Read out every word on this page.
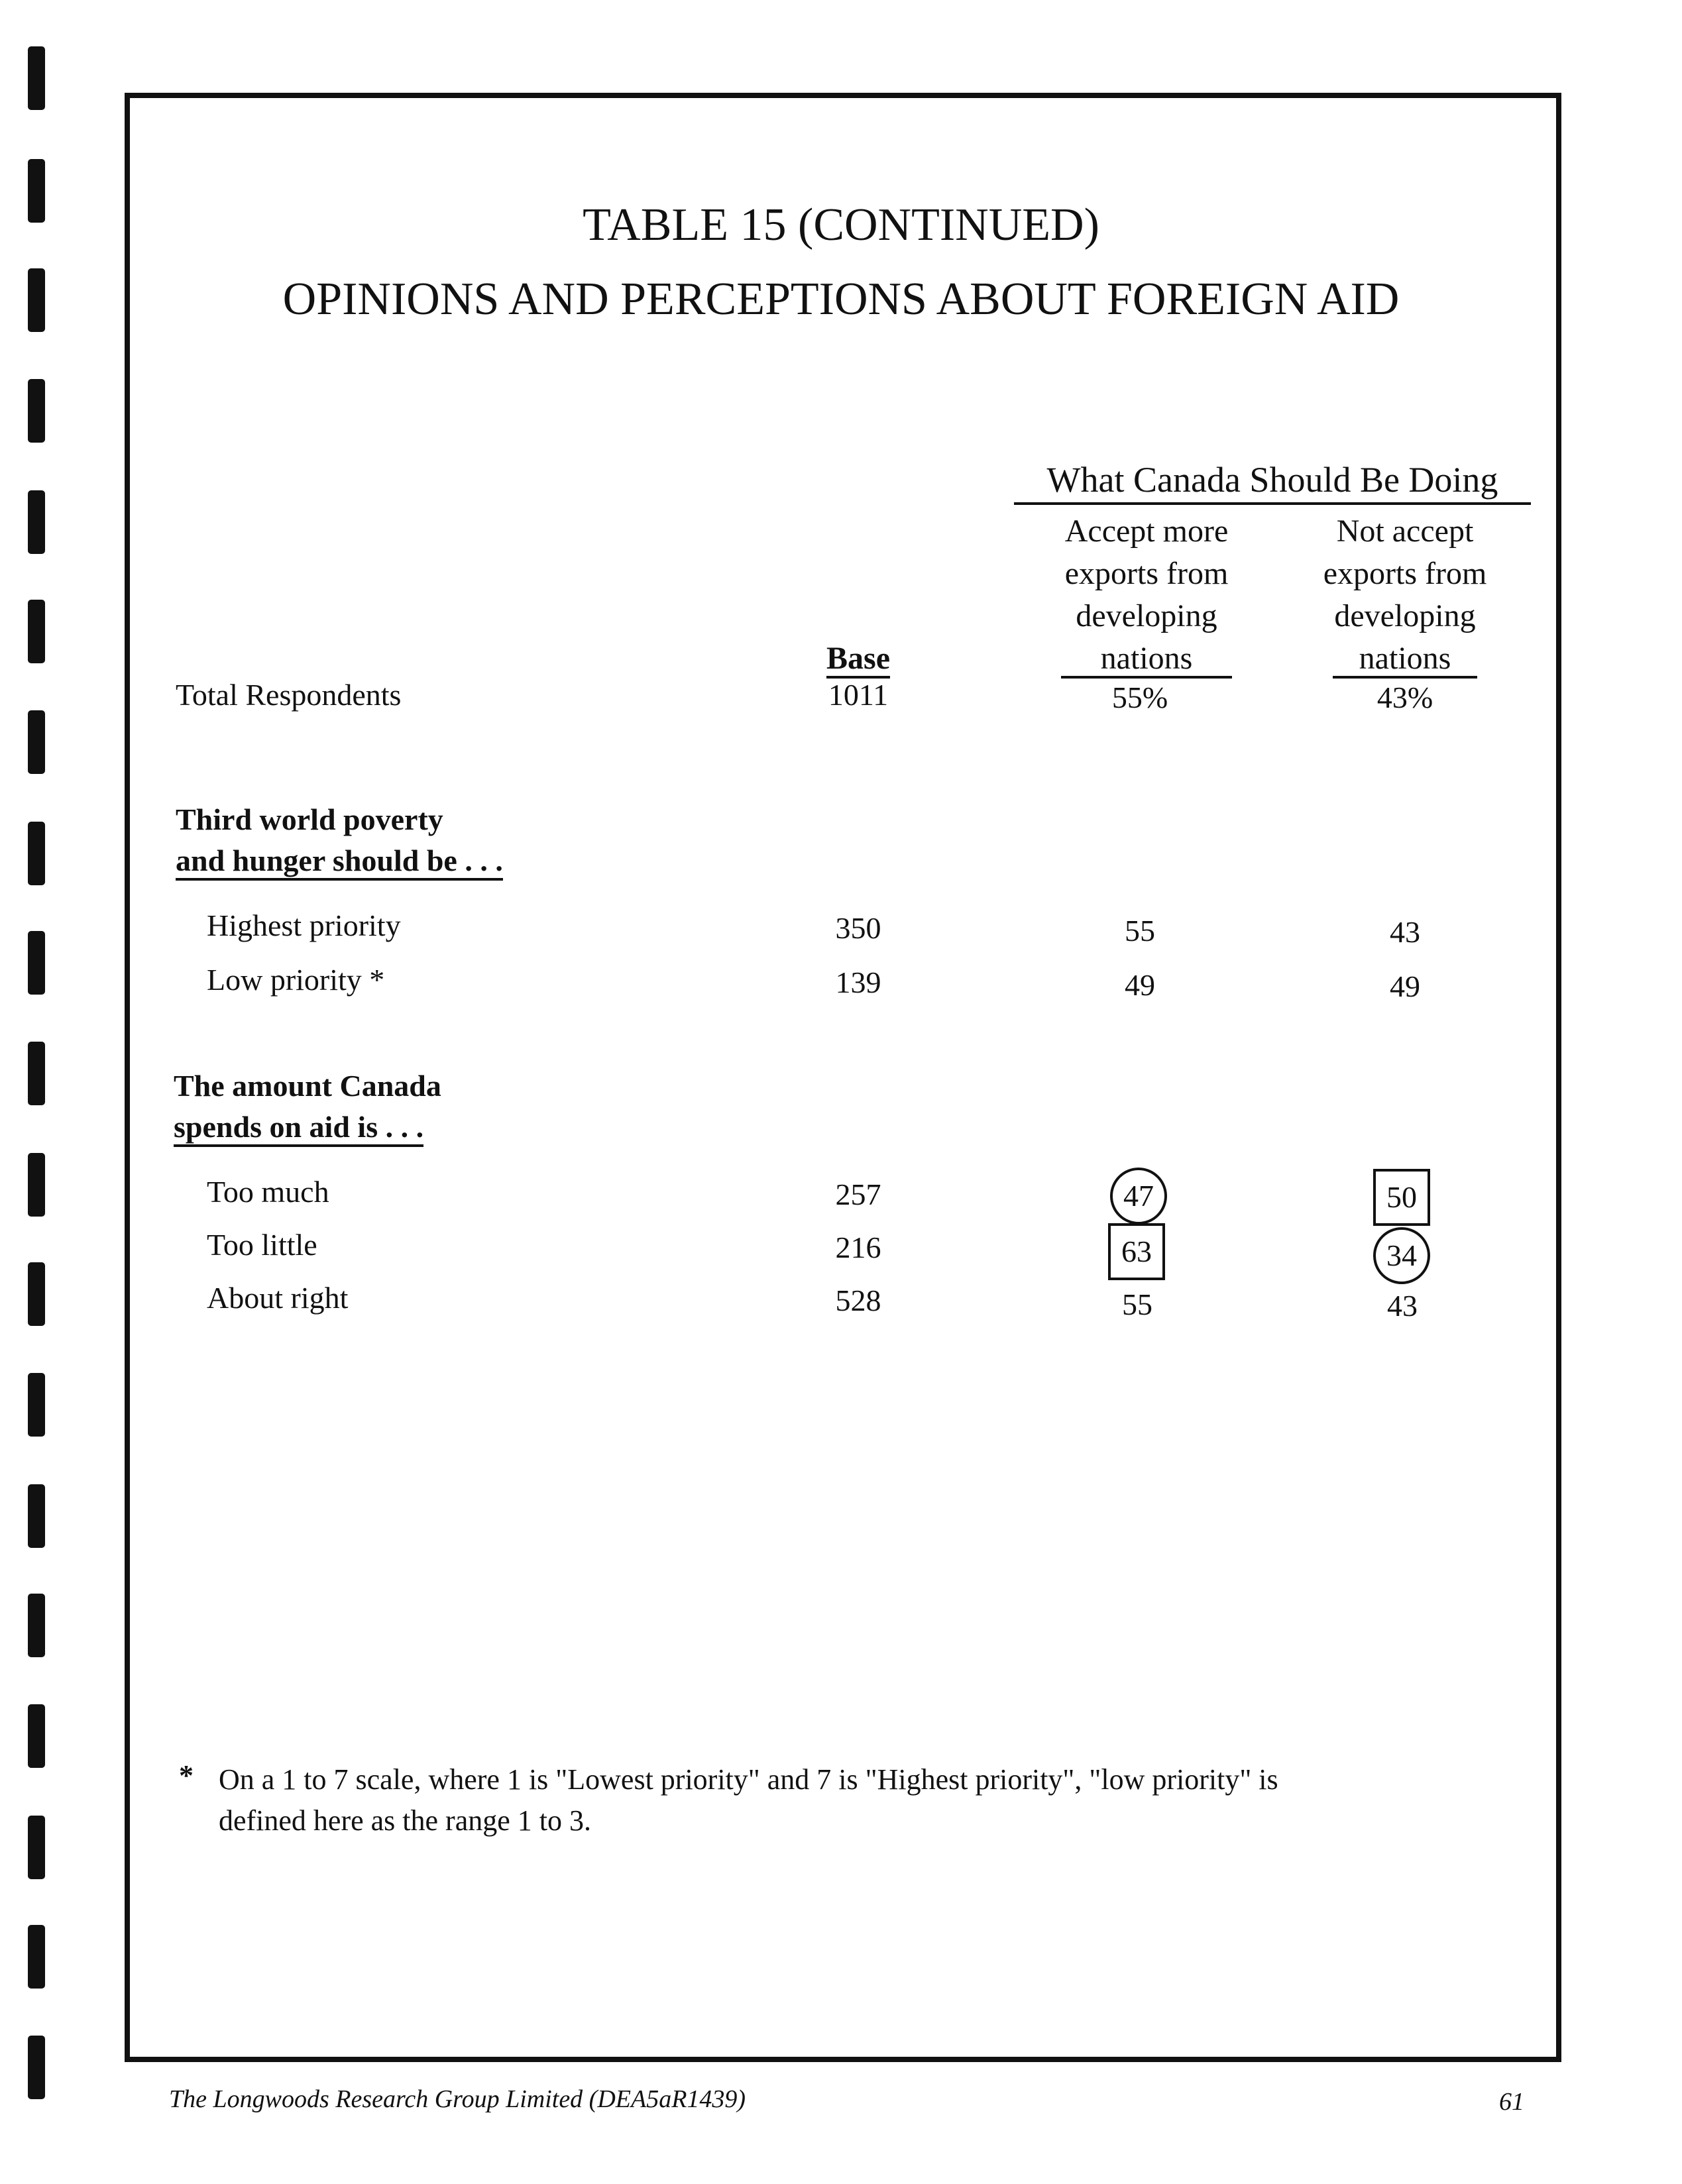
TABLE 15 (CONTINUED)
OPINIONS AND PERCEPTIONS ABOUT FOREIGN AID
What Canada Should Be Doing
Accept more
exports from
developing
nations
Not accept
exports from
developing
nations
Base
Total Respondents	1011	55%	43%
Third world poverty
and hunger should be . . .
Highest priority	350	55	43
Low priority *	139	49	49
The amount Canada
spends on aid is . . .
Too much	257	47	50
Too little	216	63	34
About right	528	55	43
* On a 1 to 7 scale, where 1 is "Lowest priority" and 7 is "Highest priority", "low priority" is
defined here as the range 1 to 3.
The Longwoods Research Group Limited (DEA5aR1439)	61
